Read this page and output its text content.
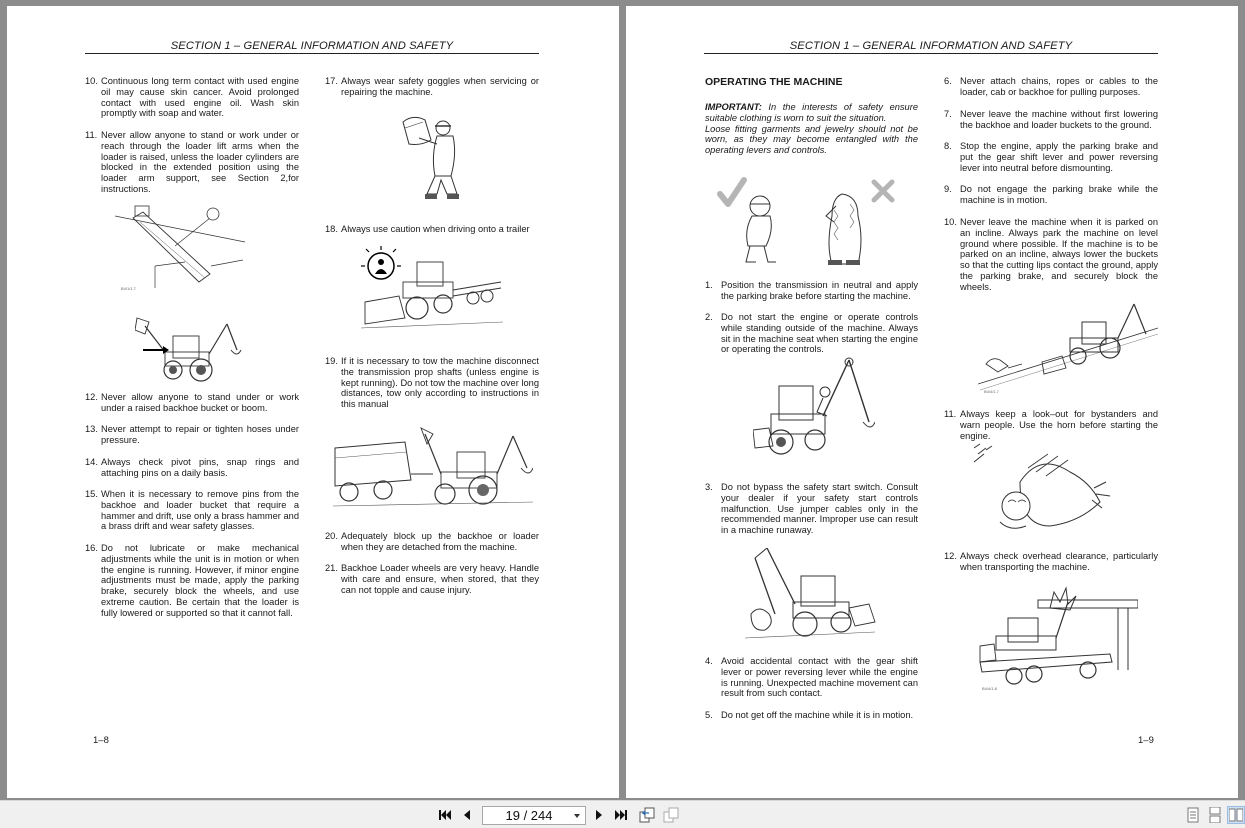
SECTION 1 – GENERAL INFORMATION AND SAFETY
10. Continuous long term contact with used engine oil may cause skin cancer. Avoid prolonged contact with used engine oil. Wash skin promptly with soap and water.
11. Never allow anyone to stand or work under or reach through the loader lift arms when the loader is raised, unless the loader cylinders are blocked in the extended position using the loader arm support, see Section 2,for instructions.
B4/1/1.7
12. Never allow anyone to stand under or work under a raised backhoe bucket or boom.
13. Never attempt to repair or tighten hoses under pressure.
14. Always check pivot pins, snap rings and attaching pins on a daily basis.
15. When it is necessary to remove pins from the backhoe and loader bucket that require a hammer and drift, use only a brass hammer and a brass drift and wear safety glasses.
16. Do not lubricate or make mechanical adjustments while the unit is in motion or when the engine is running. However, if minor engine adjustments must be made, apply the parking brake, securely block the wheels, and use extreme caution. Be certain that the loader is fully lowered or supported so that it cannot fall.
17. Always wear safety goggles when servicing or repairing the machine.
18. Always use caution when driving onto a trailer
19. If it is necessary to tow the machine disconnect the transmission prop shafts (unless engine is kept running). Do not tow the machine over long distances, tow only according to instructions in this manual
20. Adequately block up the backhoe or loader when they are detached from the machine.
21. Backhoe Loader wheels are very heavy. Handle with care and ensure, when stored, that they can not topple and cause injury.
1–8
SECTION 1 – GENERAL INFORMATION AND SAFETY
OPERATING THE MACHINE
IMPORTANT: In the interests of safety ensure suitable clothing is worn to suit the situation.
Loose fitting garments and jewelry should not be worn, as they may become entangled with the operating levers and controls.
1. Position the transmission in neutral and apply the parking brake before starting the machine.
2. Do not start the engine or operate controls while standing outside of the machine. Always sit in the machine seat when starting the engine or operating the controls.
3. Do not bypass the safety start switch. Consult your dealer if your safety start controls malfunction. Use jumper cables only in the recommended manner. Improper use can result in a machine runaway.
4. Avoid accidental contact with the gear shift lever or power reversing lever while the engine is running. Unexpected machine movement can result from such contact.
5. Do not get off the machine while it is in motion.
6. Never attach chains, ropes or cables to the loader, cab or backhoe for pulling purposes.
7. Never leave the machine without first lowering the backhoe and loader buckets to the ground.
8. Stop the engine, apply the parking brake and put the gear shift lever and power reversing lever into neutral before dismounting.
9. Do not engage the parking brake while the machine is in motion.
10. Never leave the machine when it is parked on an incline. Always park the machine on level ground where possible. If the machine is to be parked on an incline, always lower the buckets so that the cutting lips contact the ground, apply the parking brake, and securely block the wheels.
B4/4/1.7
11. Always keep a look–out for bystanders and warn people. Use the horn before starting the engine.
12. Always check overhead clearance, particularly when transporting the machine.
B4/4/1.8
1–9
19 / 244
